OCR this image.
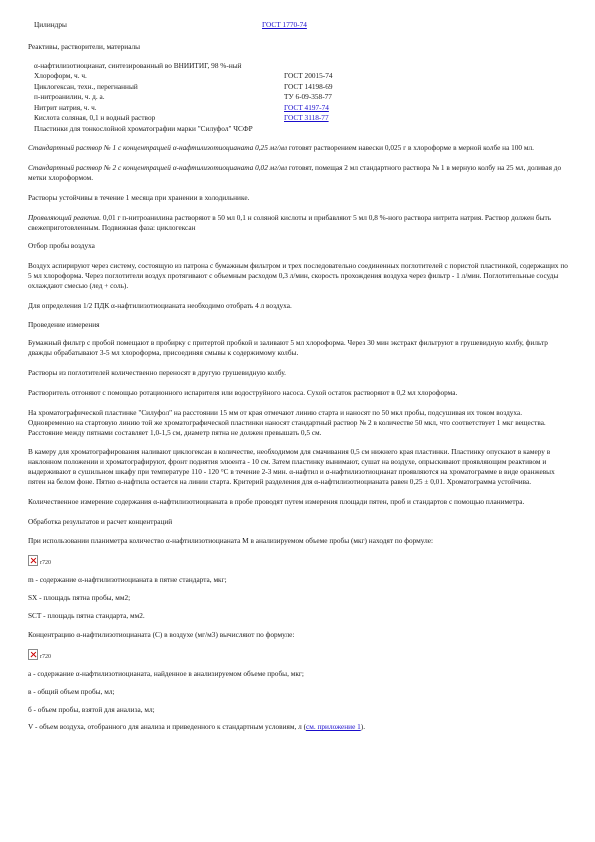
Цилиндры	ГОСТ 1770-74

Реактивы, растворители, материалы

α-нафтилизотиоцианат, синтезированный во ВНИИТИГ, 98 %-ный
Хлороформ, ч. ч.	ГОСТ 20015-74
Циклогексан, техн., перегнанный	ГОСТ 14198-69
п-нитроанилин, ч. д. а.	ТУ 6-09-358-77
Нитрит натрия, ч. ч.	ГОСТ 4197-74
Кислота соляная, 0,1 н водный раствор	ГОСТ 3118-77
Пластинки для тонкослойной хроматографии марки "Силуфол" ЧСФР

Стандартный раствор № 1 с концентрацией α-нафтилизотиоцианата 0,25 мг/мл готовят растворением навески 0,025 г в хлороформе в мерной колбе на 100 мл.

Стандартный раствор № 2 с концентрацией α-нафтилизотиоцианата 0,02 мг/мл готовят, помещая 2 мл стандартного раствора № 1 в мерную колбу на 25 мл, доливая до метки хлороформом.

Растворы устойчивы в течение 1 месяца при хранении в холодильнике.

Проявляющий реактив. 0,01 г п-нитроанилина растворяют в 50 мл 0,1 н соляной кислоты и прибавляют 5 мл 0,8 %-ного раствора нитрита натрия. Раствор должен быть свежеприготовленным. Подвижная фаза: циклогексан

Отбор пробы воздуха

Воздух аспирируют через систему, состоящую из патрона с бумажным фильтром и трех последовательно соединенных поглотителей с пористой пластинкой, содержащих по 5 мл хлороформа. Через поглотители воздух протягивают с объемным расходом 0,3 л/мин, скорость прохождения воздуха через фильтр - 1 л/мин. Поглотительные сосуды охлаждают смесью (лед + соль).

Для определения 1/2 ПДК α-нафтилизотиоцианата необходимо отобрать 4 л воздуха.

Проведение измерения

Бумажный фильтр с пробой помещают в пробирку с притертой пробкой и заливают 5 мл хлороформа. Через 30 мин экстракт фильтруют в грушевидную колбу, фильтр дважды обрабатывают 3-5 мл хлороформа, присоединяя смывы к содержимому колбы.

Растворы из поглотителей количественно переносят в другую грушевидную колбу.

Растворитель отгоняют с помощью ротационного испарителя или водоструйного насоса. Сухой остаток растворяют в 0,2 мл хлороформа.

На хроматографической пластинке "Силуфол" на расстоянии 15 мм от края отмечают линию старта и наносят по 50 мкл пробы, подсушивая их током воздуха. Одновременно на стартовую линию той же хроматографической пластинки наносят стандартный раствор № 2 в количестве 50 мкл, что соответствует 1 мкг вещества. Расстояние между пятнами составляет 1,0-1,5 см, диаметр пятна не должен превышать 0,5 см.

В камеру для хроматографирования наливают циклогексан в количестве, необходимом для смачивания 0,5 см нижнего края пластинки. Пластинку опускают в камеру в наклонном положении и хроматографируют, фронт поднятия элюента - 10 см. Затем пластинку вынимают, сушат на воздухе, опрыскивают проявляющим реактивом и выдерживают в сушильном шкафу при температуре 110 - 120 °C в течение 2-3 мин. α-нафтил и α-нафтилизотиоцианат проявляются на хроматограмме в виде оранжевых пятен на белом фоне. Пятно α-нафтила остается на линии старта. Критерий разделения для α-нафтилизотиоцианата равен 0,25 ± 0,01. Хроматограмма устойчива.

Количественное измерение содержания α-нафтилизотиоцианата в пробе проводят путем измерения площади пятен, проб и стандартов с помощью планиметра.

Обработка результатов и расчет концентраций

При использовании планиметра количество α-нафтилизотиоцианата M в анализируемом объеме пробы (мкг) находят по формуле:

r720

m - содержание α-нафтилизотиоцианата в пятне стандарта, мкг;

SX - площадь пятна пробы, мм2;

SCT - площадь пятна стандарта, мм2.

Концентрацию α-нафтилизотиоцианата (С) в воздухе (мг/м3) вычисляют по формуле:

r720

а - содержание α-нафтилизотиоцианата, найденное в анализируемом объеме пробы, мкг;

в - общий объем пробы, мл;

б - объем пробы, взятой для анализа, мл;

V - объем воздуха, отобранного для анализа и приведенного к стандартным условиям, л (см. приложение 1).
